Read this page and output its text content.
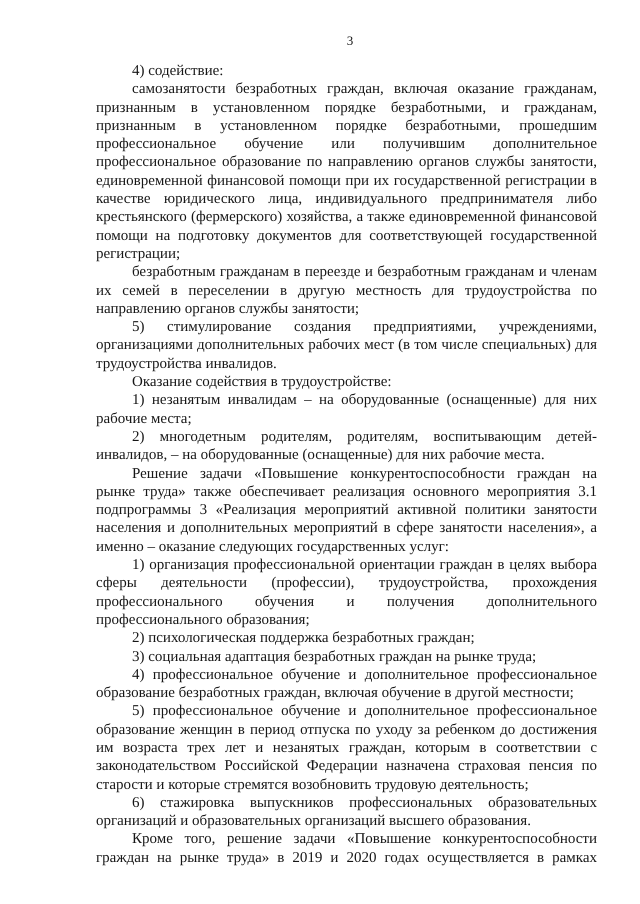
3

4) содействие:

самозанятости безработных граждан, включая оказание гражданам, признанным в установленном порядке безработными, и гражданам, признанным в установленном порядке безработными, прошедшим профессиональное обучение или получившим дополнительное профессиональное образование по направлению органов службы занятости, единовременной финансовой помощи при их государственной регистрации в качестве юридического лица, индивидуального предпринимателя либо крестьянского (фермерского) хозяйства, а также единовременной финансовой помощи на подготовку документов для соответствующей государственной регистрации;

безработным гражданам в переезде и безработным гражданам и членам их семей в переселении в другую местность для трудоустройства по направлению органов службы занятости;

5) стимулирование создания предприятиями, учреждениями, организациями дополнительных рабочих мест (в том числе специальных) для трудоустройства инвалидов.

Оказание содействия в трудоустройстве:

1) незанятым инвалидам – на оборудованные (оснащенные) для них рабочие места;

2) многодетным родителям, родителям, воспитывающим детей-инвалидов, – на оборудованные (оснащенные) для них рабочие места.

Решение задачи «Повышение конкурентоспособности граждан на рынке труда» также обеспечивает реализация основного мероприятия 3.1 подпрограммы 3 «Реализация мероприятий активной политики занятости населения и дополнительных мероприятий в сфере занятости населения», а именно – оказание следующих государственных услуг:

1) организация профессиональной ориентации граждан в целях выбора сферы деятельности (профессии), трудоустройства, прохождения профессионального обучения и получения дополнительного профессионального образования;

2) психологическая поддержка безработных граждан;

3) социальная адаптация безработных граждан на рынке труда;

4) профессиональное обучение и дополнительное профессиональное образование безработных граждан, включая обучение в другой местности;

5) профессиональное обучение и дополнительное профессиональное образование женщин в период отпуска по уходу за ребенком до достижения им возраста трех лет и незанятых граждан, которым в соответствии с законодательством Российской Федерации назначена страховая пенсия по старости и которые стремятся возобновить трудовую деятельность;

6) стажировка выпускников профессиональных образовательных организаций и образовательных организаций высшего образования.

Кроме того, решение задачи «Повышение конкурентоспособности граждан на рынке труда» в 2019 и 2020 годах осуществляется в рамках
